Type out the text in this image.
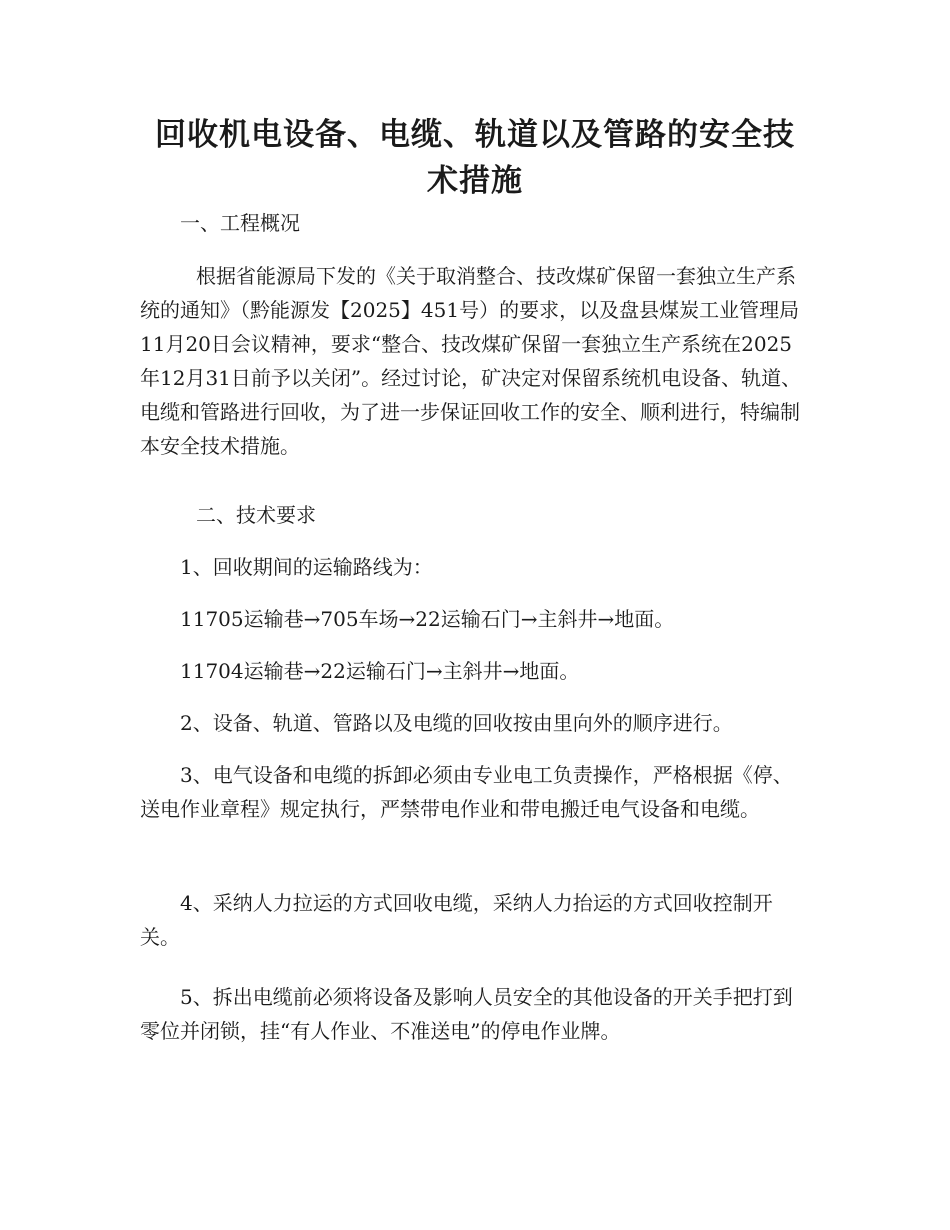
回收机电设备、电缆、轨道以及管路的安全技术措施

一、工程概况

根据省能源局下发的《关于取消整合、技改煤矿保留一套独立生产系统的通知》（黔能源发【2025】451号）的要求，以及盘县煤炭工业管理局11月20日会议精神，要求“整合、技改煤矿保留一套独立生产系统在2025年12月31日前予以关闭”。经过讨论，矿决定对保留系统机电设备、轨道、电缆和管路进行回收，为了进一步保证回收工作的安全、顺利进行，特编制本安全技术措施。

二、技术要求

1、回收期间的运输路线为：

11705运输巷→705车场→22运输石门→主斜井→地面。

11704运输巷→22运输石门→主斜井→地面。

2、设备、轨道、管路以及电缆的回收按由里向外的顺序进行。

3、电气设备和电缆的拆卸必须由专业电工负责操作，严格根据《停、送电作业章程》规定执行，严禁带电作业和带电搬迁电气设备和电缆。

4、采纳人力拉运的方式回收电缆，采纳人力抬运的方式回收控制开关。

5、拆出电缆前必须将设备及影响人员安全的其他设备的开关手把打到零位并闭锁，挂“有人作业、不准送电”的停电作业牌。
